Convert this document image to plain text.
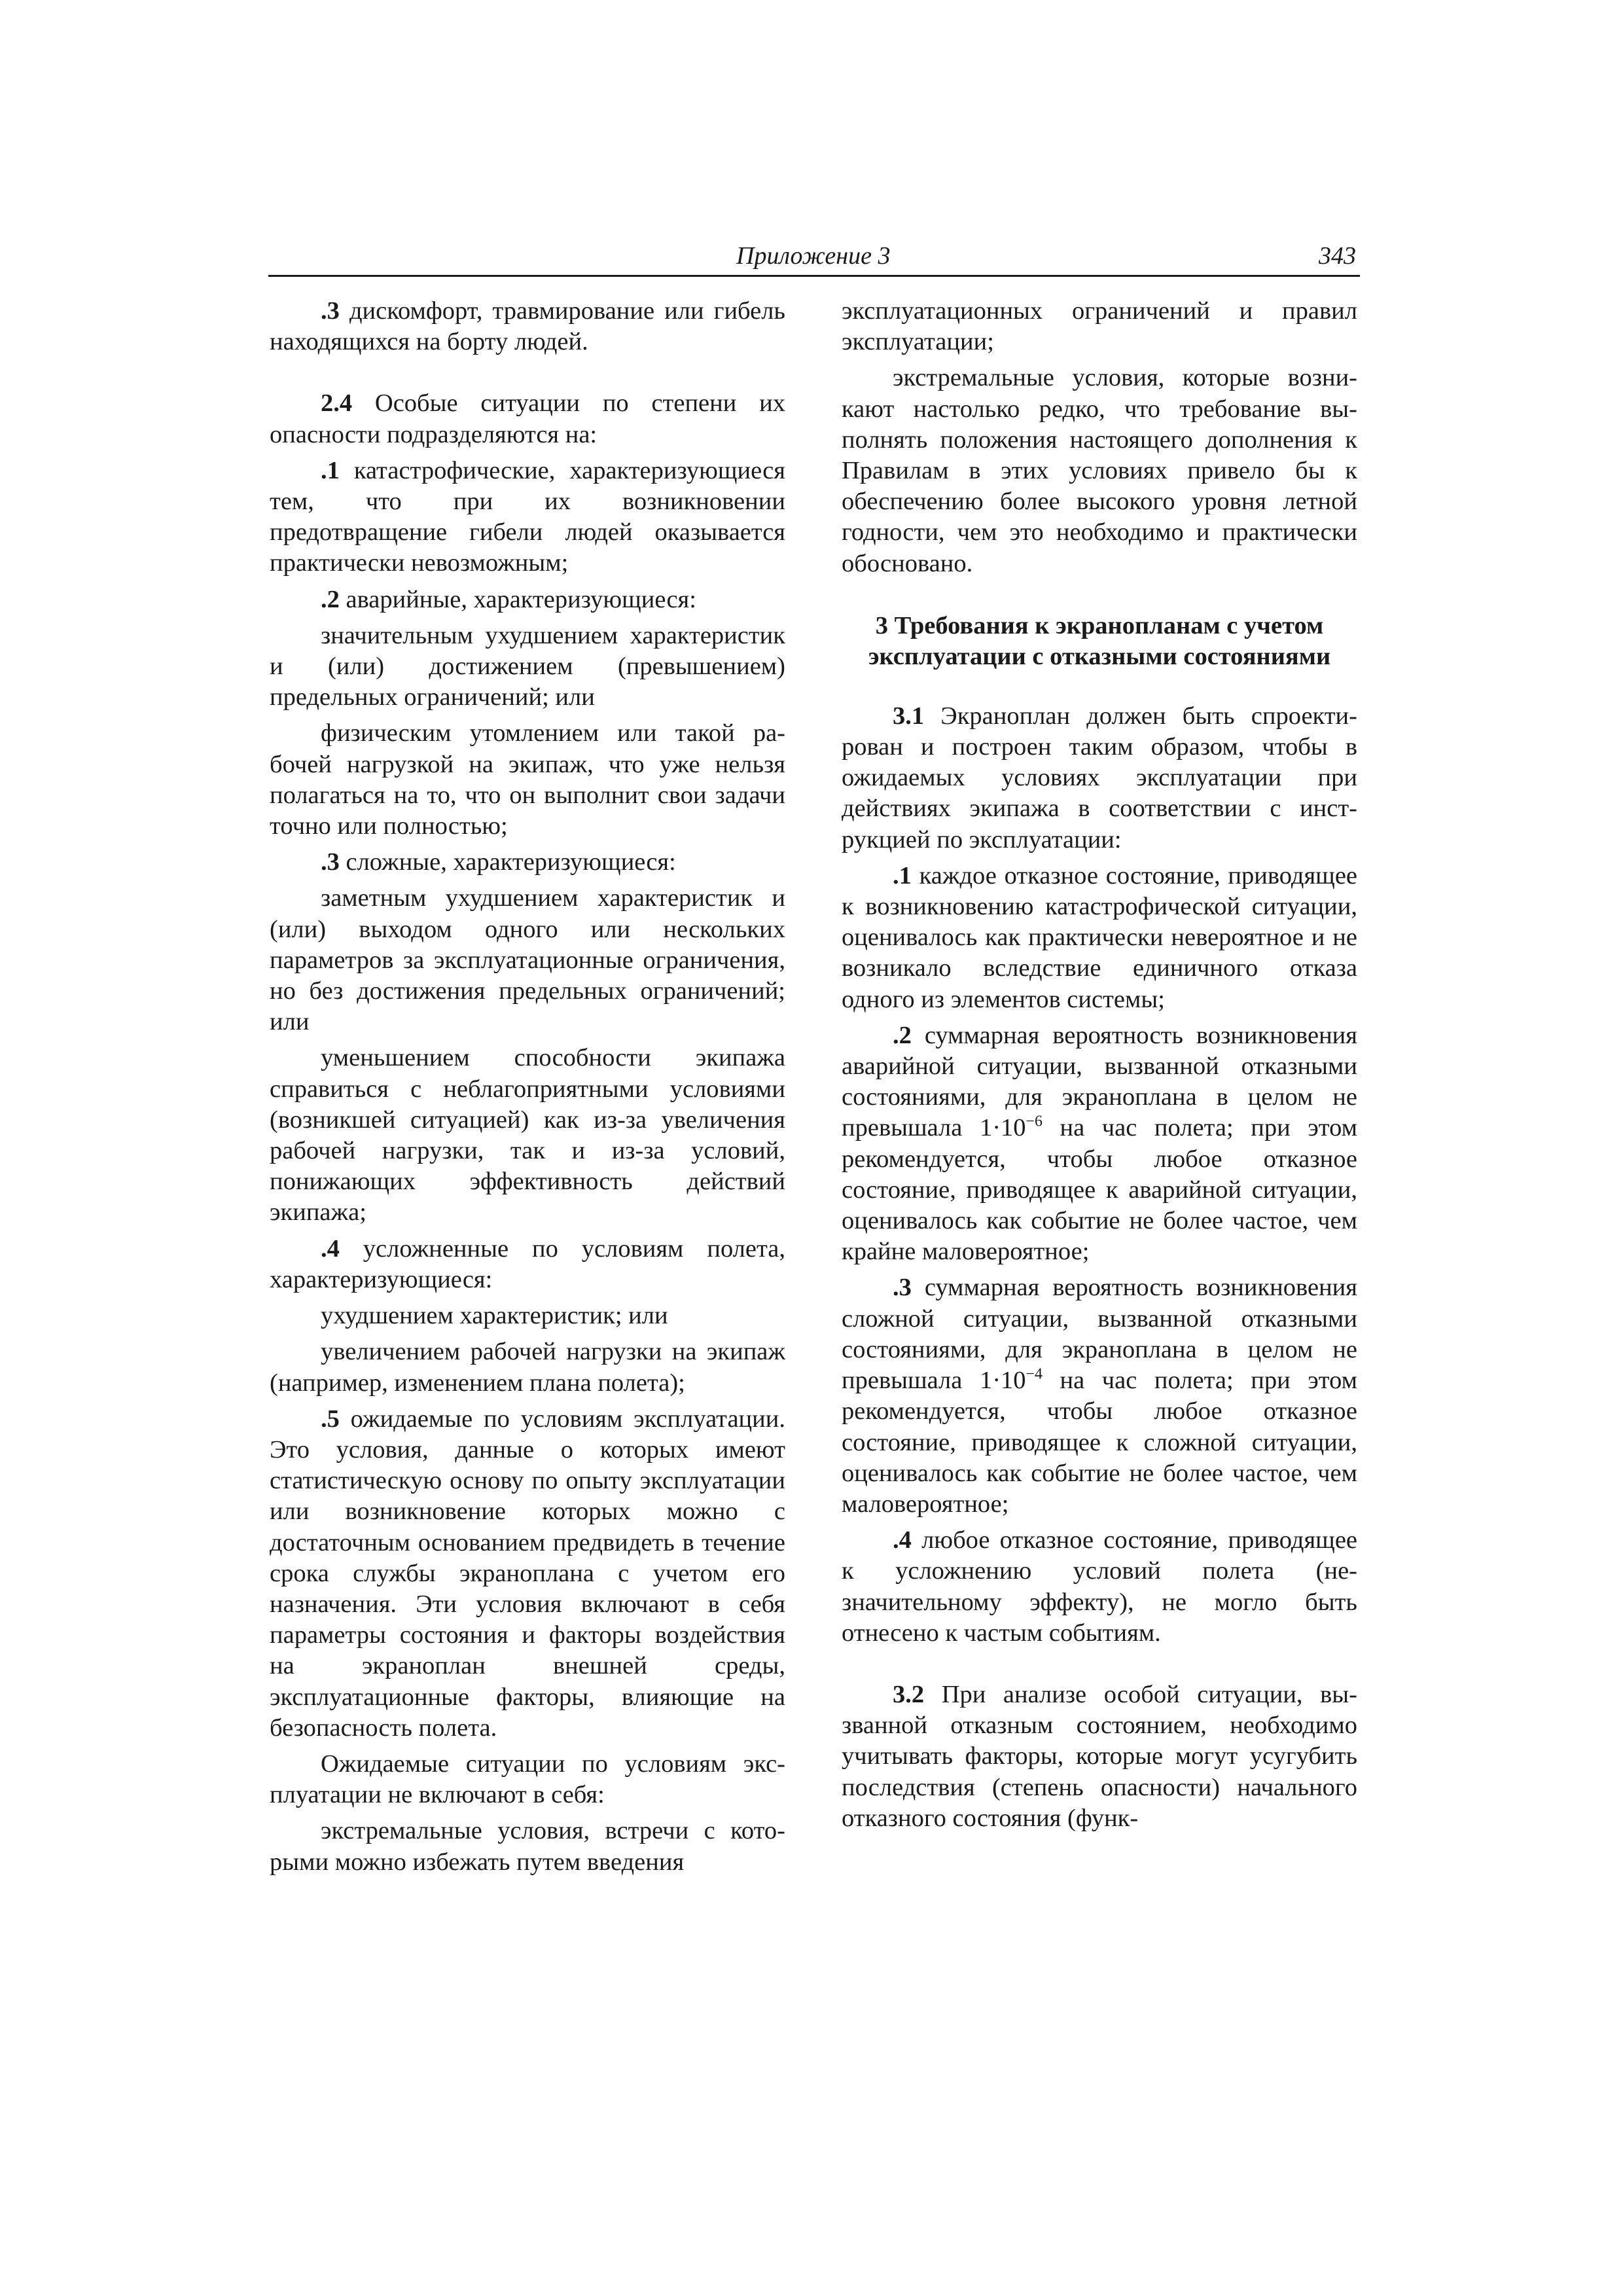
Приложение 3	343

.3 дискомфорт, травмирование или гибель находящихся на борту людей.

2.4 Особые ситуации по степени их опасности подразделяются на:

.1 катастрофические, характеризующиеся тем, что при их возникновении предотвращение гибели людей оказывается практически невозможным;

.2 аварийные, характеризующиеся:

значительным ухудшением характеристик и (или) достижением (превышением) предельных ограничений; или

физическим утомлением или такой рабочей нагрузкой на экипаж, что уже нельзя полагаться на то, что он выполнит свои задачи точно или полностью;

.3 сложные, характеризующиеся:

заметным ухудшением характеристик и (или) выходом одного или нескольких параметров за эксплуатационные ограничения, но без достижения предельных ограничений; или

уменьшением способности экипажа справиться с неблагоприятными условиями (возникшей ситуацией) как из-за увеличения рабочей нагрузки, так и из-за условий, понижающих эффективность действий экипажа;

.4 усложненные по условиям полета, характеризующиеся:

ухудшением характеристик; или

увеличением рабочей нагрузки на экипаж (например, изменением плана полета);

.5 ожидаемые по условиям эксплуатации. Это условия, данные о которых имеют статистическую основу по опыту эксплуатации или возникновение которых можно с достаточным основанием предвидеть в течение срока службы экраноплана с учетом его назначения. Эти условия включают в себя параметры состояния и факторы воздействия на экраноплан внешней среды, эксплуатационные факторы, влияющие на безопасность полета.

Ожидаемые ситуации по условиям эксплуатации не включают в себя:

экстремальные условия, встречи с которыми можно избежать путем введения

эксплуатационных ограничений и правил эксплуатации;

экстремальные условия, которые возникают настолько редко, что требование выполнять положения настоящего дополнения к Правилам в этих условиях привело бы к обеспечению более высокого уровня летной годности, чем это необходимо и практически обосновано.

3 Требования к экранопланам с учетом
эксплуатации с отказными состояниями

3.1 Экраноплан должен быть спроектирован и построен таким образом, чтобы в ожидаемых условиях эксплуатации при действиях экипажа в соответствии с инструкцией по эксплуатации:

.1 каждое отказное состояние, приводящее к возникновению катастрофической ситуации, оценивалось как практически невероятное и не возникало вследствие единичного отказа одного из элементов системы;

.2 суммарная вероятность возникновения аварийной ситуации, вызванной отказными состояниями, для экраноплана в целом не превышала $1\cdot 10^{-6}$ на час полета; при этом рекомендуется, чтобы любое отказное состояние, приводящее к аварийной ситуации, оценивалось как событие не более частое, чем крайне маловероятное;

.3 суммарная вероятность возникновения сложной ситуации, вызванной отказными состояниями, для экраноплана в целом не превышала $1\cdot 10^{-4}$ на час полета; при этом рекомендуется, чтобы любое отказное состояние, приводящее к сложной ситуации, оценивалось как событие не более частое, чем маловероятное;

.4 любое отказное состояние, приводящее к усложнению условий полета (незначительному эффекту), не могло быть отнесено к частым событиям.

3.2 При анализе особой ситуации, вызванной отказным состоянием, необходимо учитывать факторы, которые могут усугубить последствия (степень опасности) начального отказного состояния (функ-
